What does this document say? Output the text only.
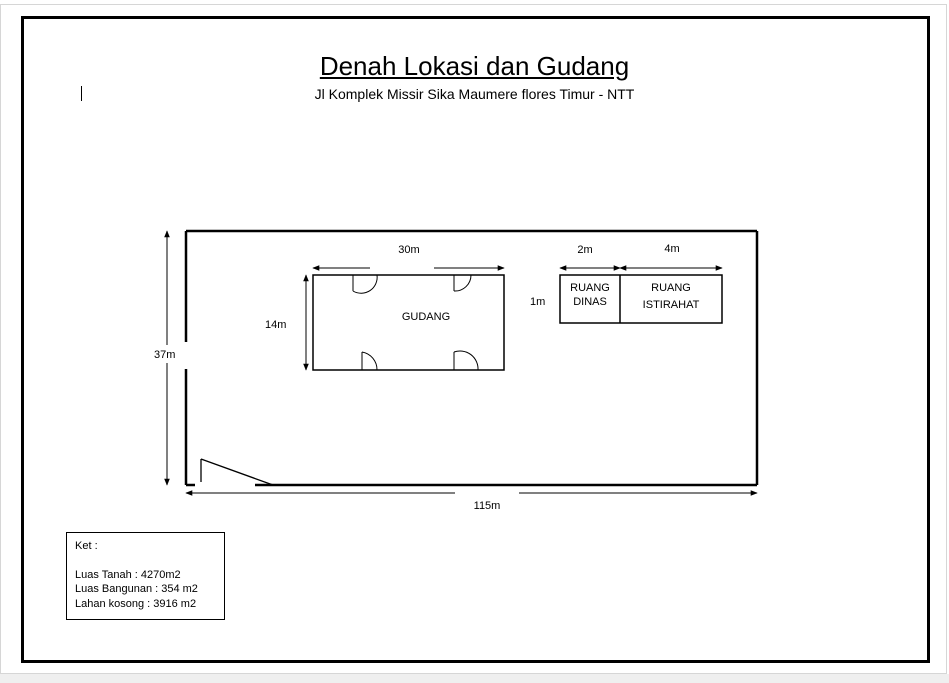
Denah Lokasi dan Gudang
Jl Komplek Missir Sika Maumere flores Timur - NTT
30m
14m
GUDANG
2m	4m
1m
RUANG
DINAS
RUANG
ISTIRAHAT
37m
115m
Ket :
Luas Tanah : 4270m2
Luas Bangunan : 354 m2
Lahan kosong : 3916 m2
